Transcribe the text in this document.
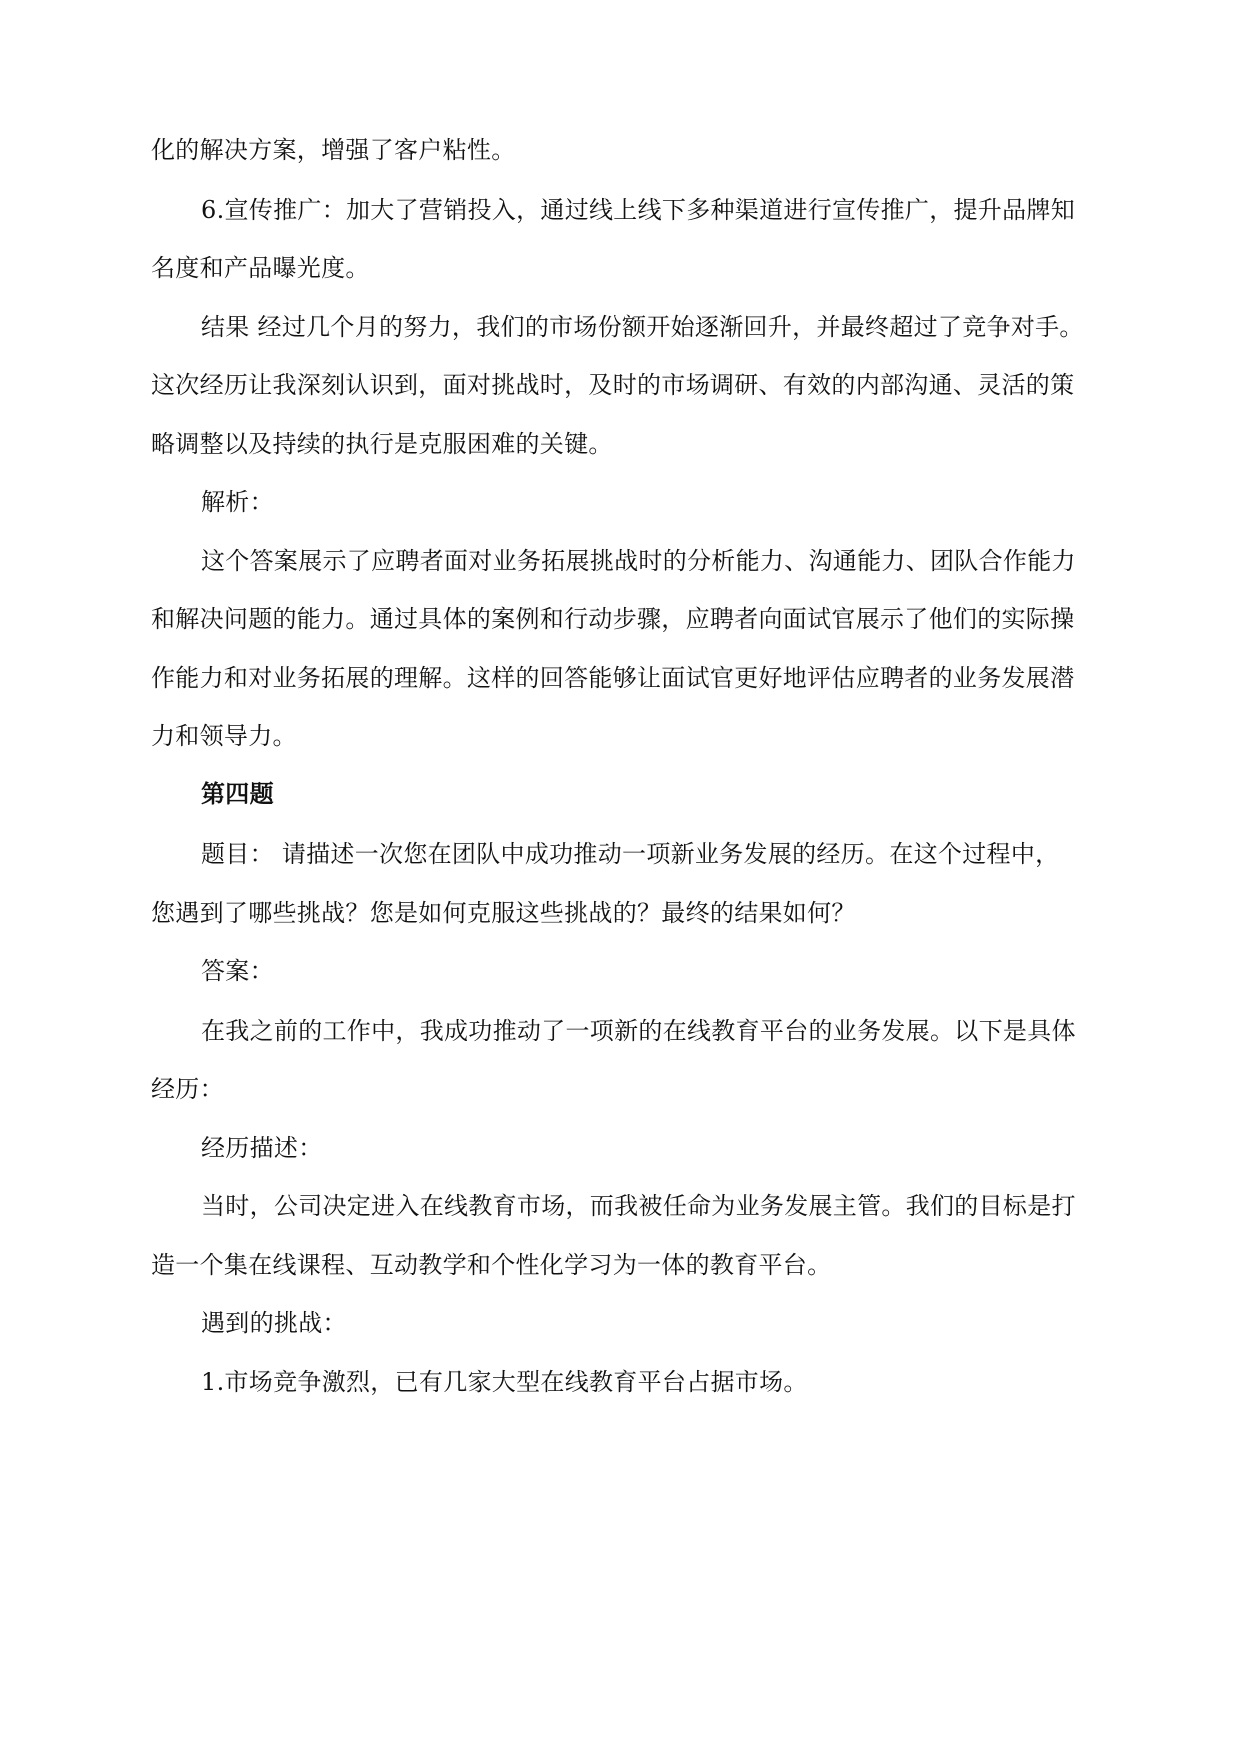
化的解决方案，增强了客户粘性。
6.宣传推广：加大了营销投入，通过线上线下多种渠道进行宣传推广，提升品牌知
名度和产品曝光度。
结果 经过几个月的努力，我们的市场份额开始逐渐回升，并最终超过了竞争对手。
这次经历让我深刻认识到，面对挑战时，及时的市场调研、有效的内部沟通、灵活的策
略调整以及持续的执行是克服困难的关键。
解析：
这个答案展示了应聘者面对业务拓展挑战时的分析能力、沟通能力、团队合作能力
和解决问题的能力。通过具体的案例和行动步骤，应聘者向面试官展示了他们的实际操
作能力和对业务拓展的理解。这样的回答能够让面试官更好地评估应聘者的业务发展潜
力和领导力。
第四题
题目： 请描述一次您在团队中成功推动一项新业务发展的经历。在这个过程中，
您遇到了哪些挑战？您是如何克服这些挑战的？最终的结果如何？
答案：
在我之前的工作中，我成功推动了一项新的在线教育平台的业务发展。以下是具体
经历：
经历描述：
当时，公司决定进入在线教育市场，而我被任命为业务发展主管。我们的目标是打
造一个集在线课程、互动教学和个性化学习为一体的教育平台。
遇到的挑战：
1.市场竞争激烈，已有几家大型在线教育平台占据市场。
